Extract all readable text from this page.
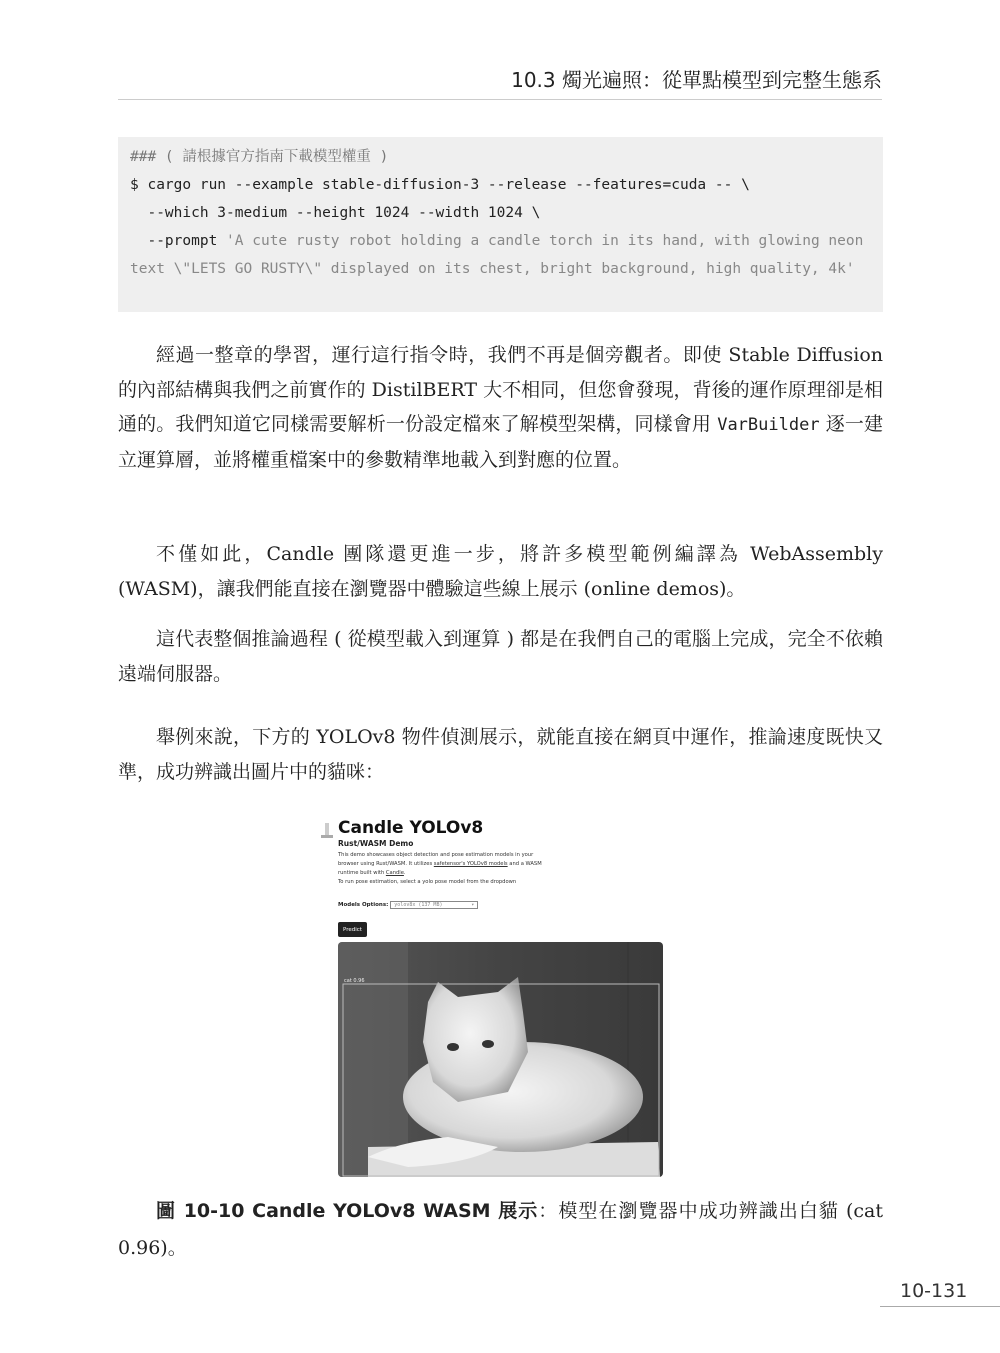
10.3 燭光遍照：從單點模型到完整生態系
### ( 請根據官方指南下載模型權重 )
$ cargo run --example stable-diffusion-3 --release --features=cuda -- \
--which 3-medium --height 1024 --width 1024 \
--prompt 'A cute rusty robot holding a candle torch in its hand, with glowing neon text \"LETS GO RUSTY\" displayed on its chest, bright background, high quality, 4k'

經過一整章的學習，運行這行指令時，我們不再是個旁觀者。即使 Stable Diffusion 的內部結構與我們之前實作的 DistilBERT 大不相同，但您會發現，背後的運作原理卻是相通的。我們知道它同樣需要解析一份設定檔來了解模型架構，同樣會用 VarBuilder 逐一建立運算層，並將權重檔案中的參數精準地載入到對應的位置。

不僅如此，Candle 團隊還更進一步，將許多模型範例編譯為 WebAssembly (WASM)，讓我們能直接在瀏覽器中體驗這些線上展示 (online demos)。

這代表整個推論過程 ( 從模型載入到運算 ) 都是在我們自己的電腦上完成，完全不依賴遠端伺服器。

舉例來說，下方的 YOLOv8 物件偵測展示，就能直接在網頁中運作，推論速度既快又準，成功辨識出圖片中的貓咪：

Candle YOLOv8
Rust/WASM Demo
This demo showcases object detection and pose estimation models in your browser using Rust/WASM. It utilizes safetensor's YOLOv8 models and a WASM runtime built with Candle.
To run pose estimation, select a yolo pose model from the dropdown
Models Options: yolov8x (137 MB)	▾
Predict
cat 0.96

圖 10-10 Candle YOLOv8 WASM 展示：模型在瀏覽器中成功辨識出白貓 (cat 0.96)。

10-131
